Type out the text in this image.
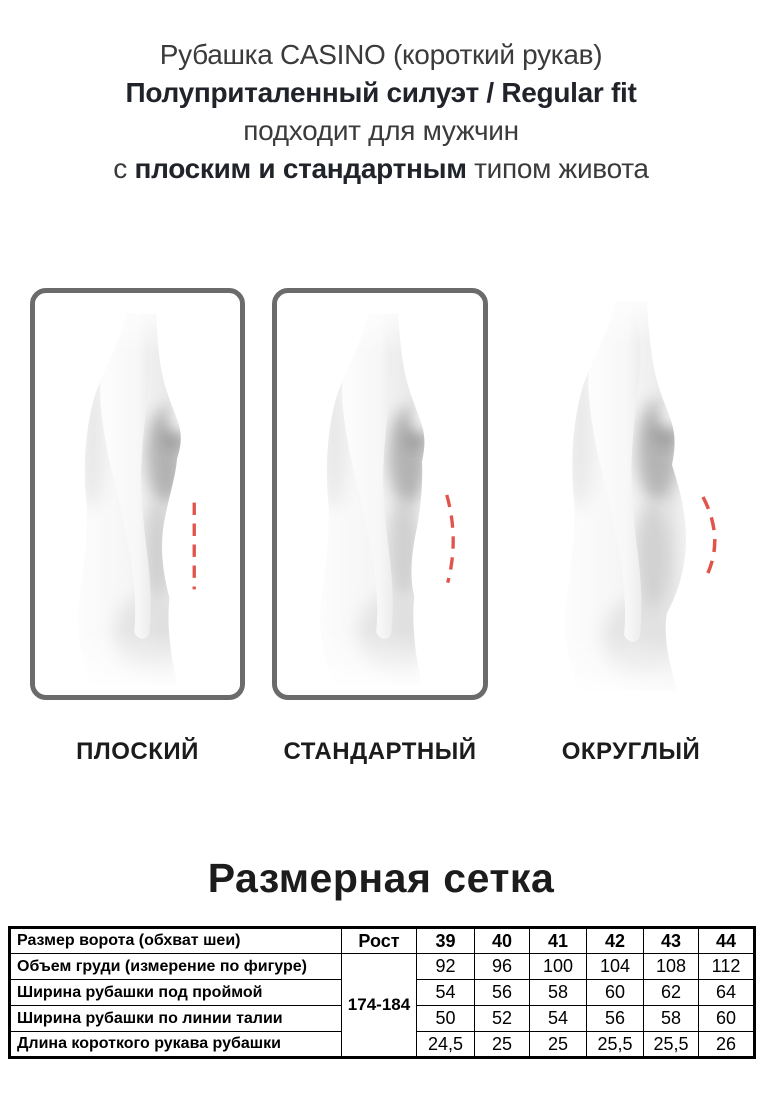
Рубашка CASINO (короткий рукав)
Полуприталенный силуэт / Regular fit
подходит для мужчин
с плоским и стандартным типом живота
ПЛОСКИЙ	СТАНДАРТНЫЙ	ОКРУГЛЫЙ
Размерная сетка
Размер ворота (обхват шеи)	Рост	39	40	41	42	43	44
Объем груди (измерение по фигуре)	174-184	92	96	100	104	108	112
Ширина рубашки под проймой		54	56	58	60	62	64
Ширина рубашки по линии талии		50	52	54	56	58	60
Длина короткого рукава рубашки		24,5	25	25	25,5	25,5	26
